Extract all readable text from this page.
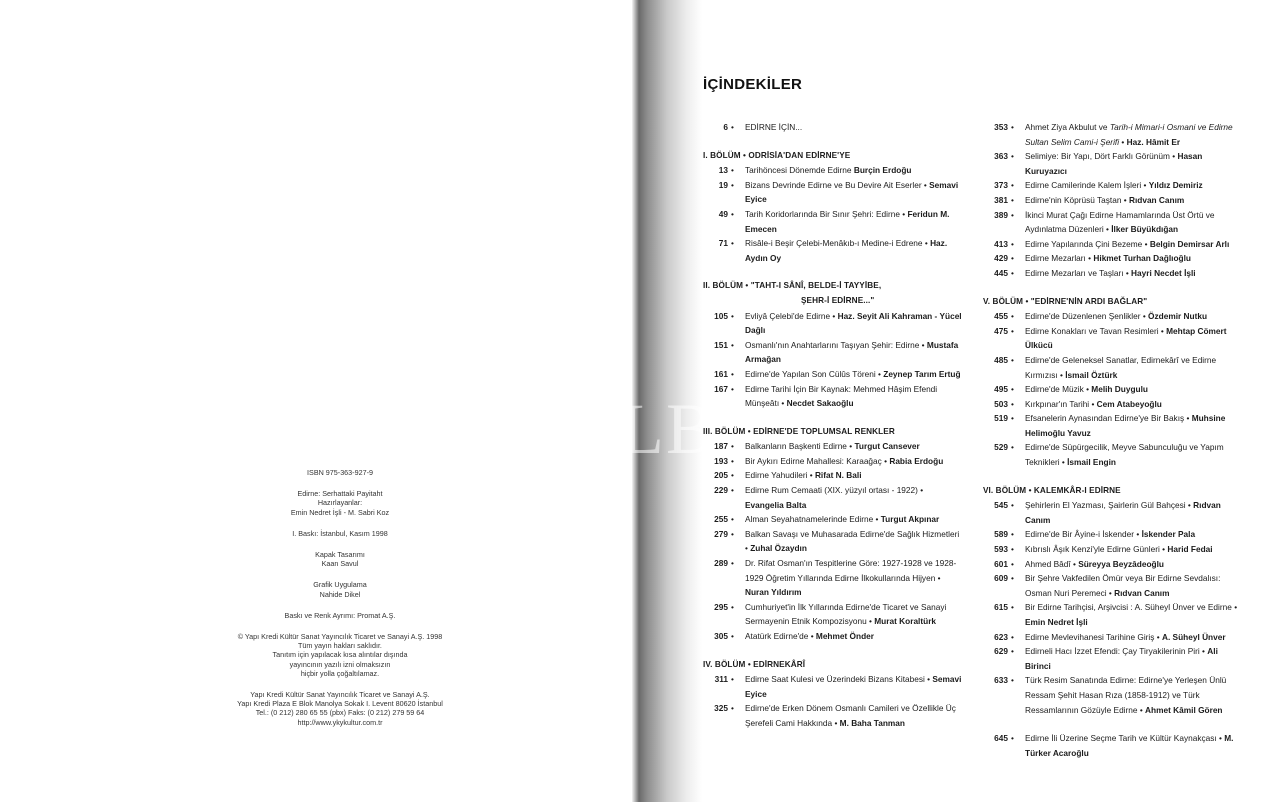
ISBN 975-363-927-9
Edirne: Serhattaki Payitaht
Hazırlayanlar:
Emin Nedret İşli - M. Sabri Koz
I. Baskı: İstanbul, Kasım 1998
Kapak Tasarımı
Kaan Savul
Grafik Uygulama
Nahide Dikel
Baskı ve Renk Ayrımı: Promat A.Ş.
© Yapı Kredi Kültür Sanat Yayıncılık Ticaret ve Sanayi A.Ş. 1998
Tüm yayın hakları saklıdır.
Tanıtım için yapılacak kısa alıntılar dışında
yayıncının yazılı izni olmaksızın
hiçbir yolla çoğaltılamaz.
Yapı Kredi Kültür Sanat Yayıncılık Ticaret ve Sanayi A.Ş.
Yapı Kredi Plaza E Blok Manolya Sokak I. Levent 80620 İstanbul
Tel.: (0 212) 280 65 55 (pbx) Faks: (0 212) 279 59 64
http://www.ykykultur.com.tr
LB
İÇİNDEKİLER
6 •	EDİRNE İÇİN...
I. BÖLÜM • ODRİSİA'DAN EDİRNE'YE
13 •	Tarihöncesi Dönemde Edirne Burçin Erdoğu
19 •	Bizans Devrinde Edirne ve Bu Devire Ait Eserler • Semavi Eyice
49 •	Tarih Koridorlarında Bir Sınır Şehri: Edirne • Feridun M. Emecen
71 •	Risâle-i Beşir Çelebi-Menâkıb-ı Medine-i Edrene • Haz. Aydın Oy
II. BÖLÜM • "TAHT-I SÂNÎ, BELDE-İ TAYYİBE,
ŞEHR-İ EDİRNE..."
105 •	Evliyâ Çelebi'de Edirne • Haz. Seyit Ali Kahraman - Yücel Dağlı
151 •	Osmanlı'nın Anahtarlarını Taşıyan Şehir: Edirne • Mustafa Armağan
161 •	Edirne'de Yapılan Son Cülûs Töreni • Zeynep Tarım Ertuğ
167 •	Edirne Tarihi İçin Bir Kaynak: Mehmed Hâşim Efendi Münşeâtı • Necdet Sakaoğlu
III. BÖLÜM • EDİRNE'DE TOPLUMSAL RENKLER
187 •	Balkanların Başkenti Edirne • Turgut Cansever
193 •	Bir Aykırı Edirne Mahallesi: Karaağaç • Rabia Erdoğu
205 •	Edirne Yahudileri • Rifat N. Bali
229 •	Edirne Rum Cemaati (XIX. yüzyıl ortası - 1922) • Evangelia Balta
255 •	Alman Seyahatnamelerinde Edirne • Turgut Akpınar
279 •	Balkan Savaşı ve Muhasarada Edirne'de Sağlık Hizmetleri • Zuhal Özaydın
289 •	Dr. Rifat Osman'ın Tespitlerine Göre: 1927-1928 ve 1928-1929 Öğretim Yıllarında Edirne İlkokullarında Hijyen • Nuran Yıldırım
295 •	Cumhuriyet'in İlk Yıllarında Edirne'de Ticaret ve Sanayi Sermayenin Etnik Kompozisyonu • Murat Koraltürk
305 •	Atatürk Edirne'de • Mehmet Önder
IV. BÖLÜM • EDİRNEKÂRÎ
311 •	Edirne Saat Kulesi ve Üzerindeki Bizans Kitabesi • Semavi Eyice
325 •	Edirne'de Erken Dönem Osmanlı Camileri ve Özellikle Üç Şerefeli Cami Hakkında • M. Baha Tanman
353 •	Ahmet Ziya Akbulut ve Tarih-i Mimari-i Osmani ve Edirne Sultan Selim Cami-i Şerifi • Haz. Hâmit Er
363 •	Selimiye: Bir Yapı, Dört Farklı Görünüm • Hasan Kuruyazıcı
373 •	Edirne Camilerinde Kalem İşleri • Yıldız Demiriz
381 •	Edirne'nin Köprüsü Taştan • Rıdvan Canım
389 •	İkinci Murat Çağı Edirne Hamamlarında Üst Örtü ve Aydınlatma Düzenleri • İlker Büyükdığan
413 •	Edirne Yapılarında Çini Bezeme • Belgin Demirsar Arlı
429 •	Edirne Mezarları • Hikmet Turhan Dağlıoğlu
445 •	Edirne Mezarları ve Taşları • Hayri Necdet İşli
V. BÖLÜM • "EDİRNE'NİN ARDI BAĞLAR"
455 •	Edirne'de Düzenlenen Şenlikler • Özdemir Nutku
475 •	Edirne Konakları ve Tavan Resimleri • Mehtap Cömert Ülkücü
485 •	Edirne'de Geleneksel Sanatlar, Edirnekârî ve Edirne Kırmızısı • İsmail Öztürk
495 •	Edirne'de Müzik • Melih Duygulu
503 •	Kırkpınar'ın Tarihi • Cem Atabeyoğlu
519 •	Efsanelerin Aynasından Edirne'ye Bir Bakış • Muhsine Helimoğlu Yavuz
529 •	Edirne'de Süpürgecilik, Meyve Sabunculuğu ve Yapım Teknikleri • İsmail Engin
VI. BÖLÜM • KALEMKÂR-I EDİRNE
545 •	Şehirlerin El Yazması, Şairlerin Gül Bahçesi • Rıdvan Canım
589 •	Edirne'de Bir Âyine-i İskender • İskender Pala
593 •	Kıbrıslı Âşık Kenzi'yle Edirne Günleri • Harid Fedai
601 •	Ahmed Bâdî • Süreyya Beyzâdeoğlu
609 •	Bir Şehre Vakfedilen Ömür veya Bir Edirne Sevdalısı: Osman Nuri Peremeci • Rıdvan Canım
615 •	Bir Edirne Tarihçisi, Arşivcisi : A. Süheyl Ünver ve Edirne • Emin Nedret İşli
623 •	Edirne Mevlevihanesi Tarihine Giriş • A. Süheyl Ünver
629 •	Edirneli Hacı İzzet Efendi: Çay Tiryakilerinin Piri • Ali Birinci
633 •	Türk Resim Sanatında Edirne: Edirne'ye Yerleşen Ünlü Ressam Şehit Hasan Rıza (1858-1912) ve Türk Ressamlarının Gözüyle Edirne • Ahmet Kâmil Gören
645 •	Edirne İli Üzerine Seçme Tarih ve Kültür Kaynakçası • M. Türker Acaroğlu
